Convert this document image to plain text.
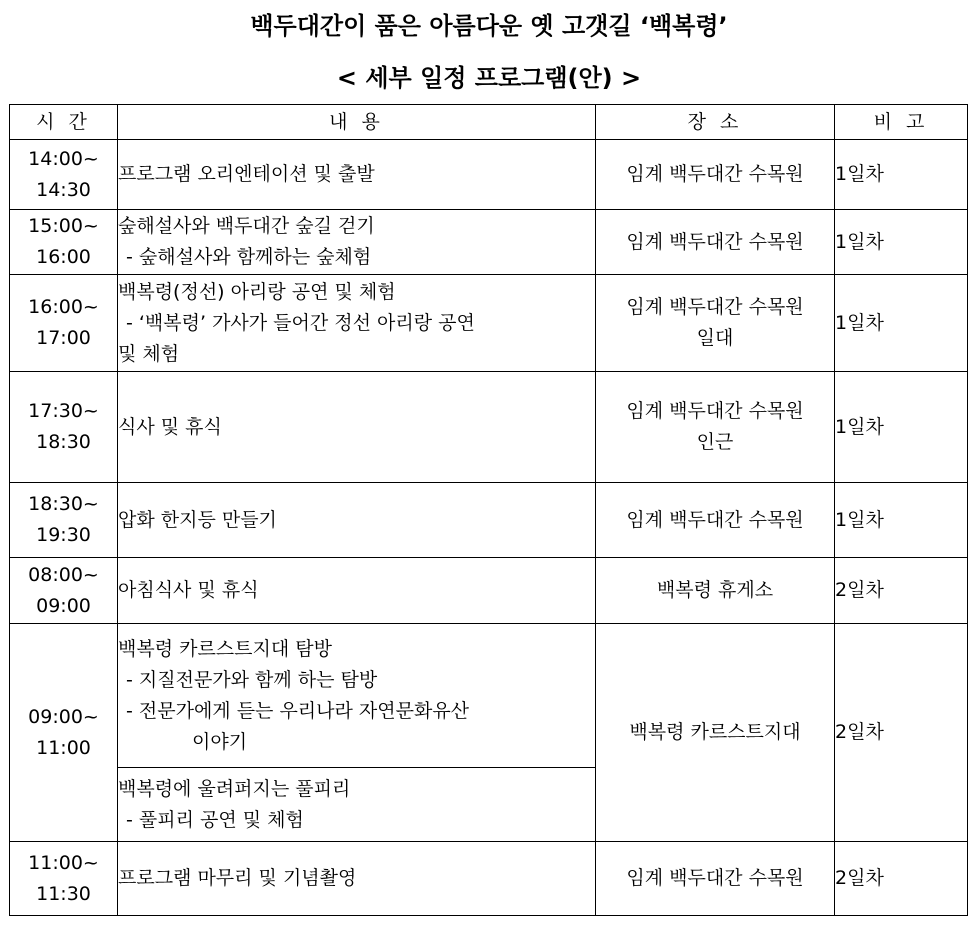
백두대간이 품은 아름다운 옛 고갯길 ‘백복령’
< 세부 일정 프로그램(안) >
시 간	내 용	장 소	비 고

14:00~
14:30	프로그램 오리엔테이션 및 출발	임계 백두대간 수목원	1일차

15:00~
16:00	숲해설사와 백두대간 숲길 걷기
- 숲해설사와 함께하는 숲체험	임계 백두대간 수목원	1일차

16:00~
17:00	백복령(정선) 아리랑 공연 및 체험
- ‘백복령’ 가사가 들어간 정선 아리랑 공연
및 체험	임계 백두대간 수목원
일대	1일차

17:30~
18:30	식사 및 휴식	임계 백두대간 수목원
인근	1일차

18:30~
19:30	압화 한지등 만들기	임계 백두대간 수목원	1일차

08:00~
09:00	아침식사 및 휴식	백복령 휴게소	2일차

09:00~
11:00	백복령 카르스트지대 탐방
- 지질전문가와 함께 하는 탐방
- 전문가에게 듣는 우리나라 자연문화유산
이야기	백복령 카르스트지대	2일차

	백복령에 울려퍼지는 풀피리
- 풀피리 공연 및 체험		

11:00~
11:30	프로그램 마무리 및 기념촬영	임계 백두대간 수목원	2일차
